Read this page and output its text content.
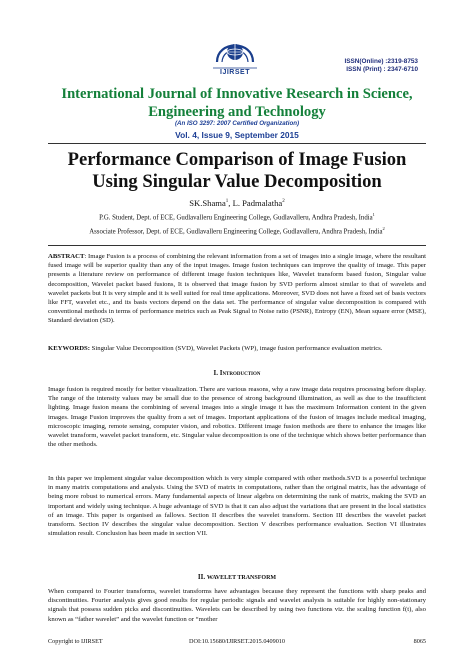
IJIRSET
ISSN(Online) :2319-8753
ISSN (Print) : 2347-6710
International Journal of Innovative Research in Science,
Engineering and Technology
(An ISO 3297: 2007 Certified Organization)
Vol. 4, Issue 9, September 2015
Performance Comparison of Image Fusion
Using Singular Value Decomposition
SK.Shama$^1$, L. Padmalatha$^2$
P.G. Student, Dept. of ECE, Gudlavalleru Engineering College, Gudlavalleru, Andhra Pradesh, India$^1$
Associate Professor, Dept. of ECE, Gudlavalleru Engineering College, Gudlavalleru, Andhra Pradesh, India$^2$
ABSTRACT: Image Fusion is a process of combining the relevant information from a set of images into a single image, where the resultant fused image will be superior quality than any of the input images. Image fusion techniques can improve the quality of image. This paper presents a literature review on performance of different image fusion techniques like, Wavelet transform based fusion, Singular value decomposition, Wavelet packet based fusions, It is observed that image fusion by SVD perform almost similar to that of wavelets and wavelet packets but It is very simple and it is well suited for real time applications. Moreover, SVD does not have a fixed set of basis vectors like FFT, wavelet etc., and its basis vectors depend on the data set. The performance of singular value decomposition is compared with conventional methods in terms of performance metrics such as Peak Signal to Noise ratio (PSNR), Entropy (EN), Mean square error (MSE), Standard deviation (SD).
KEYWORDS: Singular Value Decomposition (SVD), Wavelet Packets (WP), image fusion performance evaluation metrics.
I. Introduction
Image fusion is required mostly for better visualization. There are various reasons, why a raw image data requires processing before display. The range of the intensity values may be small due to the presence of strong background illumination, as well as due to the insufficient lighting. Image fusion means the combining of several images into a single image it has the maximum Information content in the given images. Image Fusion improves the quality from a set of images. Important applications of the fusion of images include medical imaging, microscopic imaging, remote sensing, computer vision, and robotics. Different image fusion methods are there to enhance the images like wavelet transform, wavelet packet transform, etc. Singular value decomposition is one of the technique which shows better performance than the other methods.
In this paper we implement singular value decomposition which is very simple compared with other methods.SVD is a powerful technique in many matrix computations and analysis. Using the SVD of matrix in computations, rather than the original matrix, has the advantage of being more robust to numerical errors. Many fundamental aspects of linear algebra on determining the rank of matrix, making the SVD an important and widely using technique. A huge advantage of SVD is that it can also adjust the variations that are present in the local statistics of an image. This paper is organised as fallows. Section II describes the wavelet transform. Section III describes the wavelet packet transform. Section IV describes the singular value decomposition. Section V describes performance evaluation. Section VI illustrates simulation result. Conclusion has been made in section VII.
II. WAVELET TRANSFORM
When compared to Fourier transforms, wavelet transforms have advantages because they represent the functions with sharp peaks and discontinuities. Fourier analysis gives good results for regular periodic signals and wavelet analysis is suitable for highly non-stationary signals that possess sudden picks and discontinuities. Wavelets can be described by using two functions viz. the scaling function f(t), also known as “father wavelet” and the wavelet function or “mother
Copyright to IJIRSET	DOI:10.15680/IJIRSET.2015.0409010	8065
